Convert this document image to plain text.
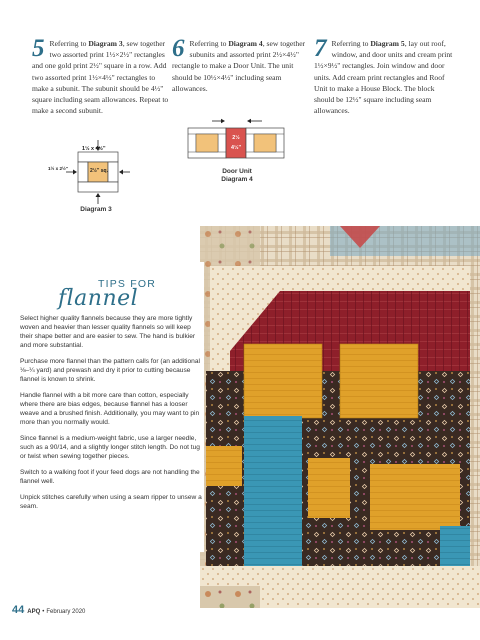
5 Referring to Diagram 3, sew together two assorted print 1½×2½" rectangles and one gold print 2½" square in a row. Add two assorted print 1½×4½" rectangles to make a subunit. The subunit should be 4½" square including seam allowances. Repeat to make a second subunit.
6 Referring to Diagram 4, sew together subunits and assorted print 2½×4½" rectangle to make a Door Unit. The unit should be 10½×4½" including seam allowances.
7 Referring to Diagram 5, lay out roof, window, and door units and cream print 1½×9½" rectangles. Join window and door units. Add cream print rectangles and Roof Unit to make a House Block. The block should be 12½" square including seam allowances.
1½ x 4½"
1½ x 2½"	2½" sq.
Diagram 3
2½
4½"
Door Unit
Diagram 4
TIPS FOR
flannel

Select higher quality flannels because they are more tightly woven and heavier than lesser quality flannels so will keep their shape better and are easier to sew. The hand is bulkier and more substantial.

Purchase more flannel than the pattern calls for (an additional ⅛–¼ yard) and prewash and dry it prior to cutting because flannel is known to shrink.

Handle flannel with a bit more care than cotton, especially where there are bias edges, because flannel has a looser weave and a brushed finish. Additionally, you may want to pin more than you normally would.

Since flannel is a medium-weight fabric, use a larger needle, such as a 90/14, and a slightly longer stitch length. Do not tug or twist when sewing together pieces.

Switch to a walking foot if your feed dogs are not handling the flannel well.

Unpick stitches carefully when using a seam ripper to unsew a seam.

44 APQ • February 2020
